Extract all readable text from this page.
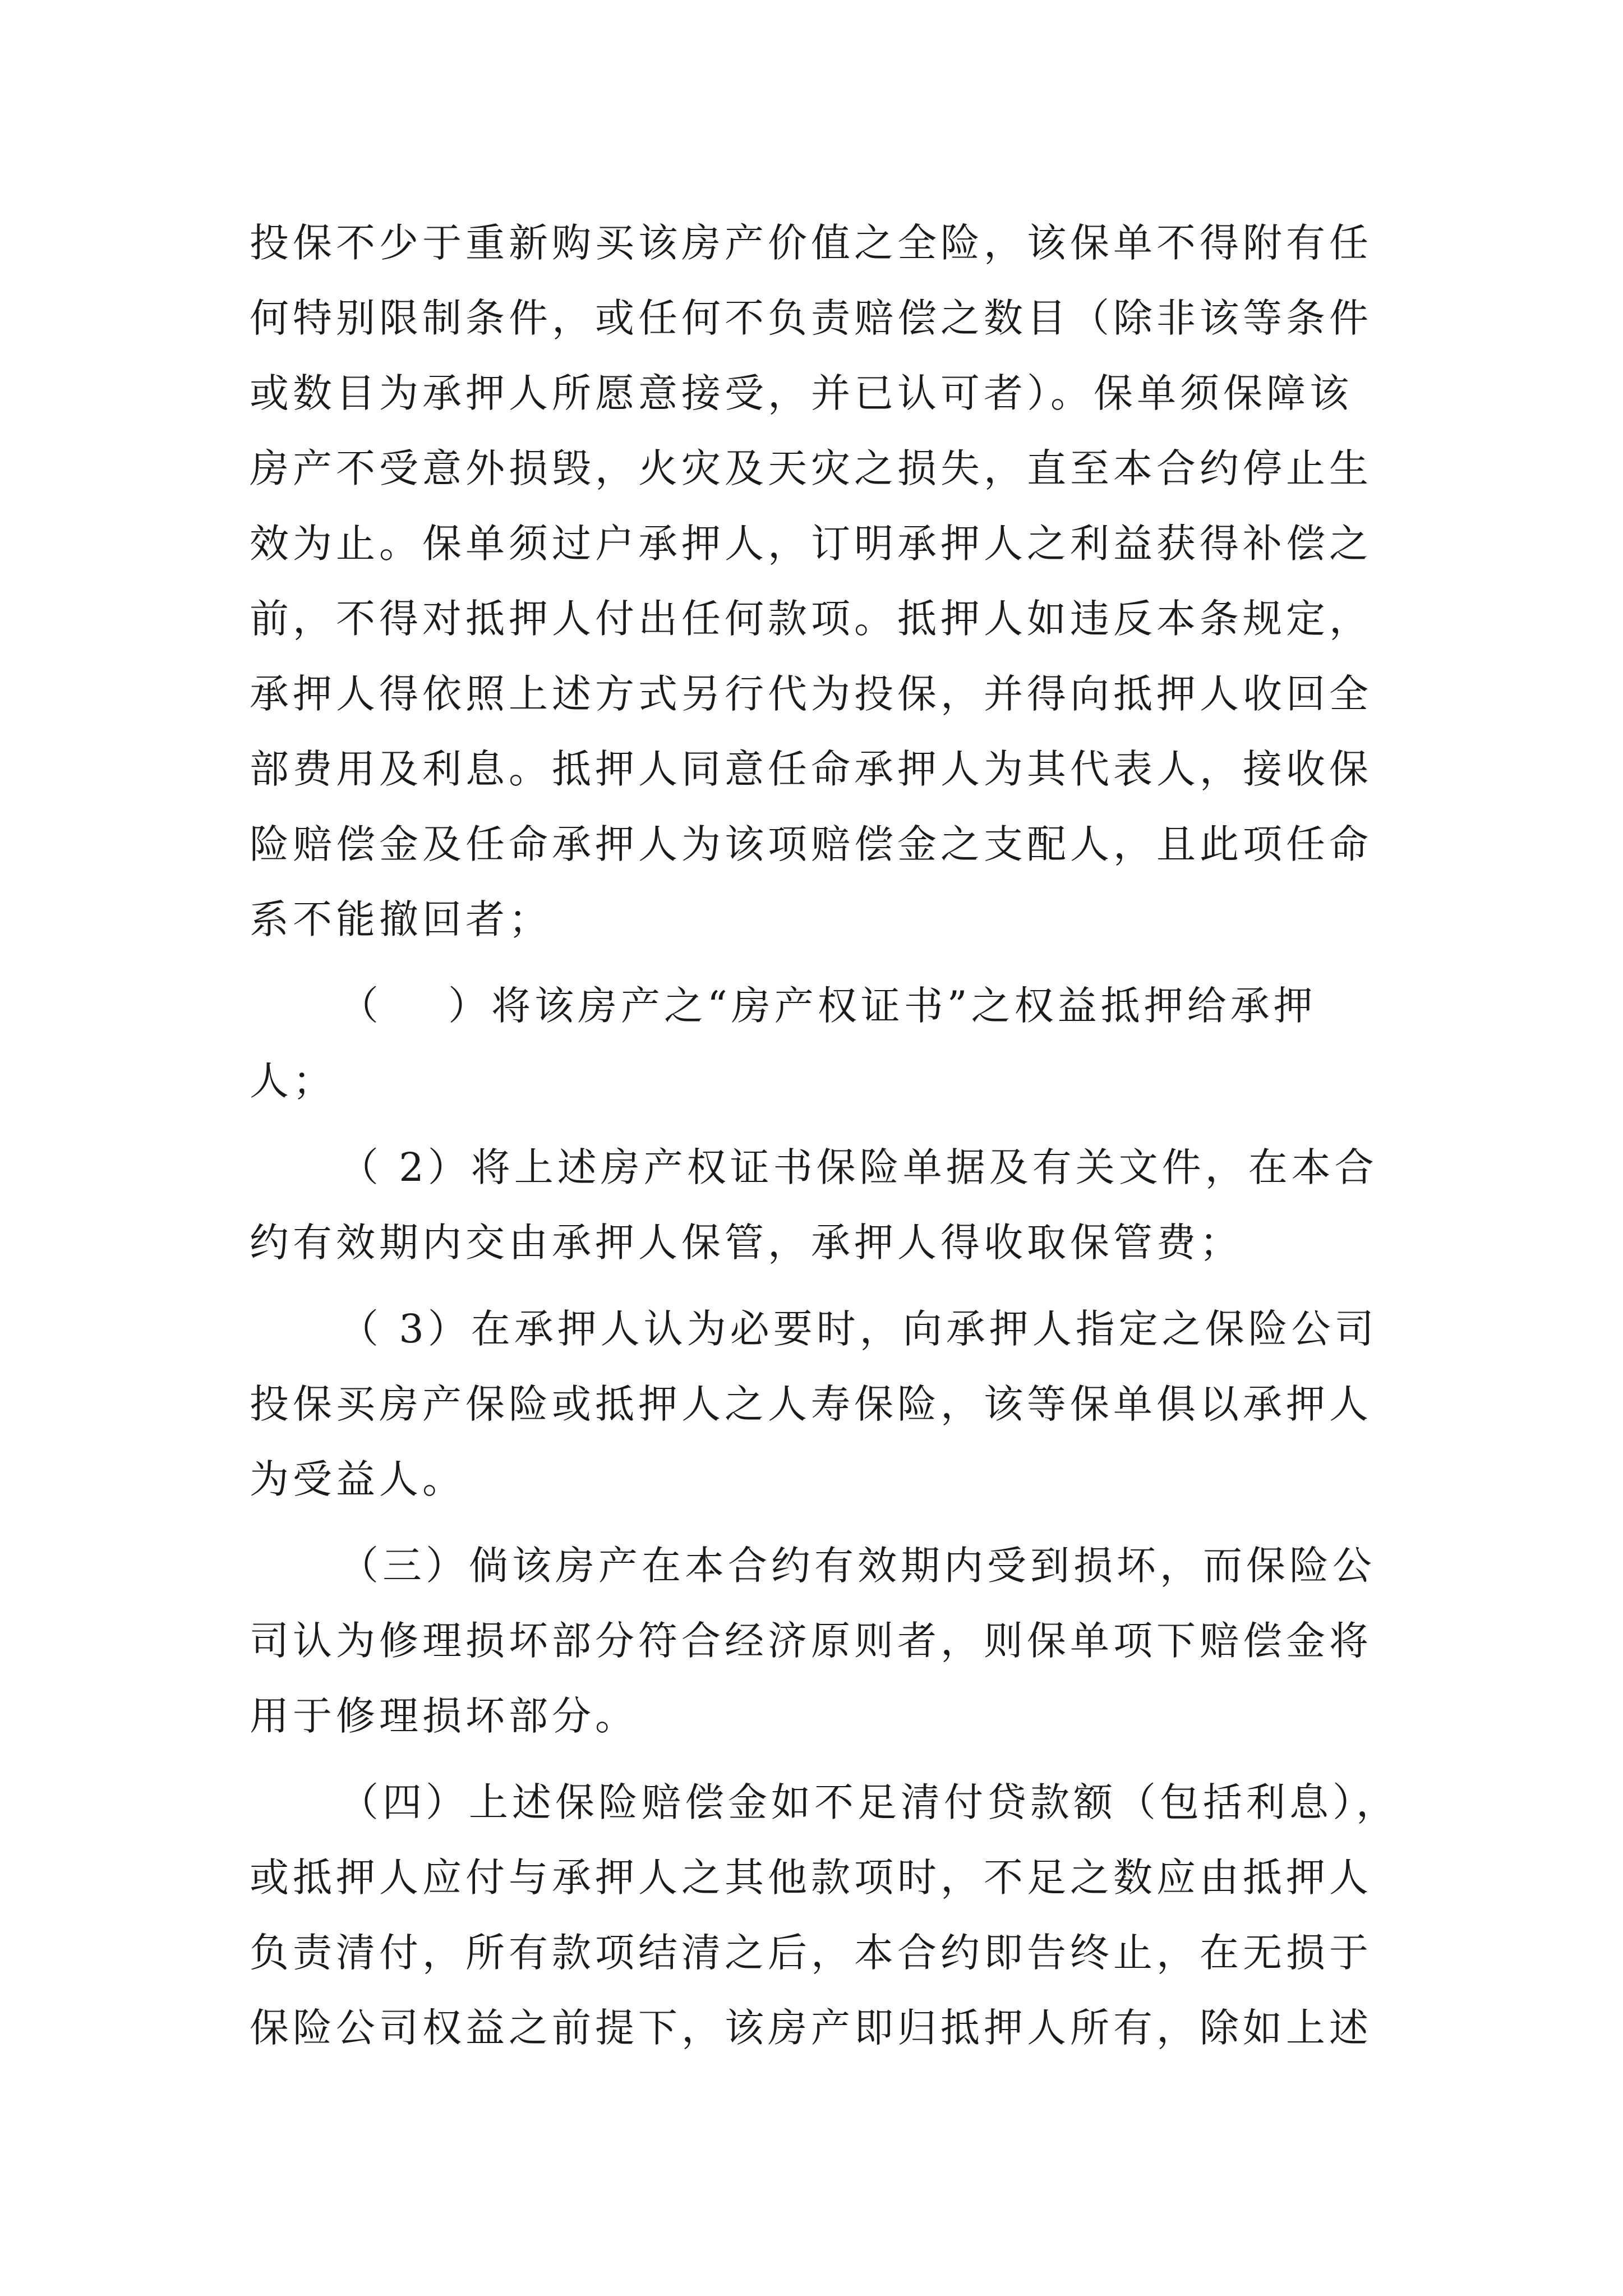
投保不少于重新购买该房产价值之全险，该保单不得附有任
何特别限制条件，或任何不负责赔偿之数目（除非该等条件
或数目为承押人所愿意接受，并已认可者）。保单须保障该
房产不受意外损毁，火灾及天灾之损失，直至本合约停止生
效为止。保单须过户承押人，订明承押人之利益获得补偿之
前，不得对抵押人付出任何款项。抵押人如违反本条规定，
承押人得依照上述方式另行代为投保，并得向抵押人收回全
部费用及利息。抵押人同意任命承押人为其代表人，接收保
险赔偿金及任命承押人为该项赔偿金之支配人，且此项任命
系不能撤回者；
（    ）将该房产之“房产权证书”之权益抵押给承押
人；
（ 2）将上述房产权证书保险单据及有关文件，在本合
约有效期内交由承押人保管，承押人得收取保管费；
（ 3）在承押人认为必要时，向承押人指定之保险公司
投保买房产保险或抵押人之人寿保险，该等保单俱以承押人
为受益人。
（三）倘该房产在本合约有效期内受到损坏，而保险公
司认为修理损坏部分符合经济原则者，则保单项下赔偿金将
用于修理损坏部分。
（四）上述保险赔偿金如不足清付贷款额（包括利息），
或抵押人应付与承押人之其他款项时，不足之数应由抵押人
负责清付，所有款项结清之后，本合约即告终止，在无损于
保险公司权益之前提下，该房产即归抵押人所有，除如上述
